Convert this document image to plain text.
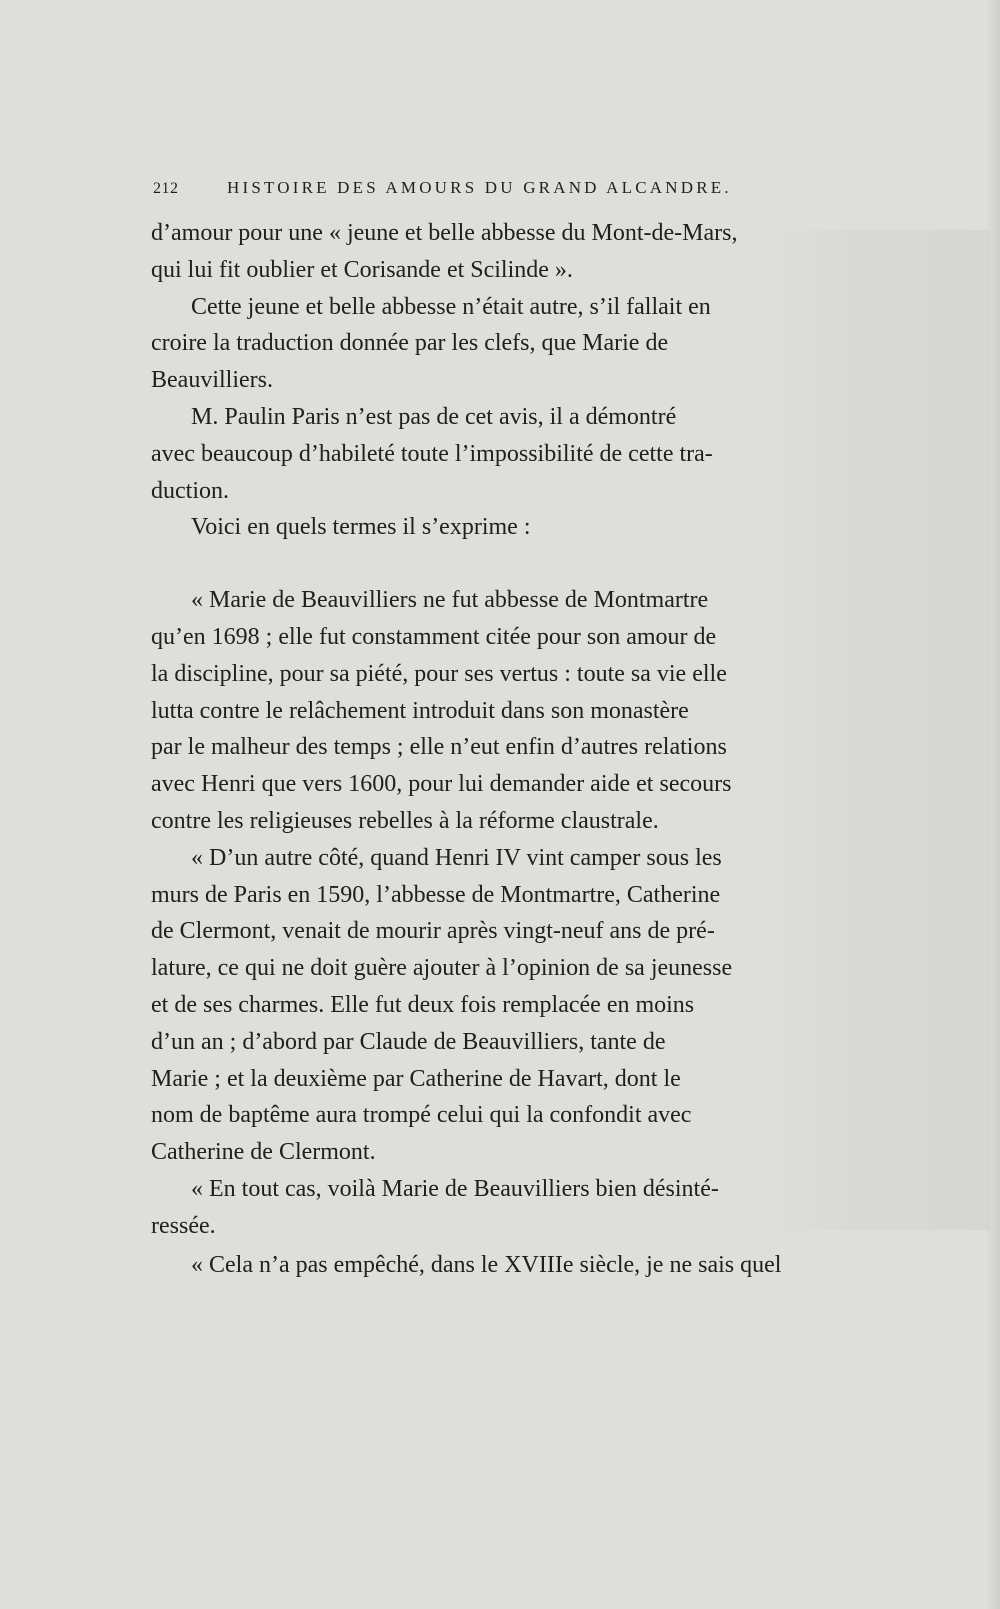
212	HISTOIRE DES AMOURS DU GRAND ALCANDRE.
d’amour pour une « jeune et belle abbesse du Mont-de-Mars,
qui lui fit oublier et Corisande et Scilinde ».
Cette jeune et belle abbesse n’était autre, s’il fallait en
croire la traduction donnée par les clefs, que Marie de
Beauvilliers.
M. Paulin Paris n’est pas de cet avis, il a démontré
avec beaucoup d’habileté toute l’impossibilité de cette tra-
duction.
Voici en quels termes il s’exprime :
« Marie de Beauvilliers ne fut abbesse de Montmartre
qu’en 1698 ; elle fut constamment citée pour son amour de
la discipline, pour sa piété, pour ses vertus : toute sa vie elle
lutta contre le relâchement introduit dans son monastère
par le malheur des temps ; elle n’eut enfin d’autres relations
avec Henri que vers 1600, pour lui demander aide et secours
contre les religieuses rebelles à la réforme claustrale.
« D’un autre côté, quand Henri IV vint camper sous les
murs de Paris en 1590, l’abbesse de Montmartre, Catherine
de Clermont, venait de mourir après vingt-neuf ans de pré-
lature, ce qui ne doit guère ajouter à l’opinion de sa jeunesse
et de ses charmes. Elle fut deux fois remplacée en moins
d’un an ; d’abord par Claude de Beauvilliers, tante de
Marie ; et la deuxième par Catherine de Havart, dont le
nom de baptême aura trompé celui qui la confondit avec
Catherine de Clermont.
« En tout cas, voilà Marie de Beauvilliers bien désinté-
ressée.
« Cela n’a pas empêché, dans le XVIIIe siècle, je ne sais quel
